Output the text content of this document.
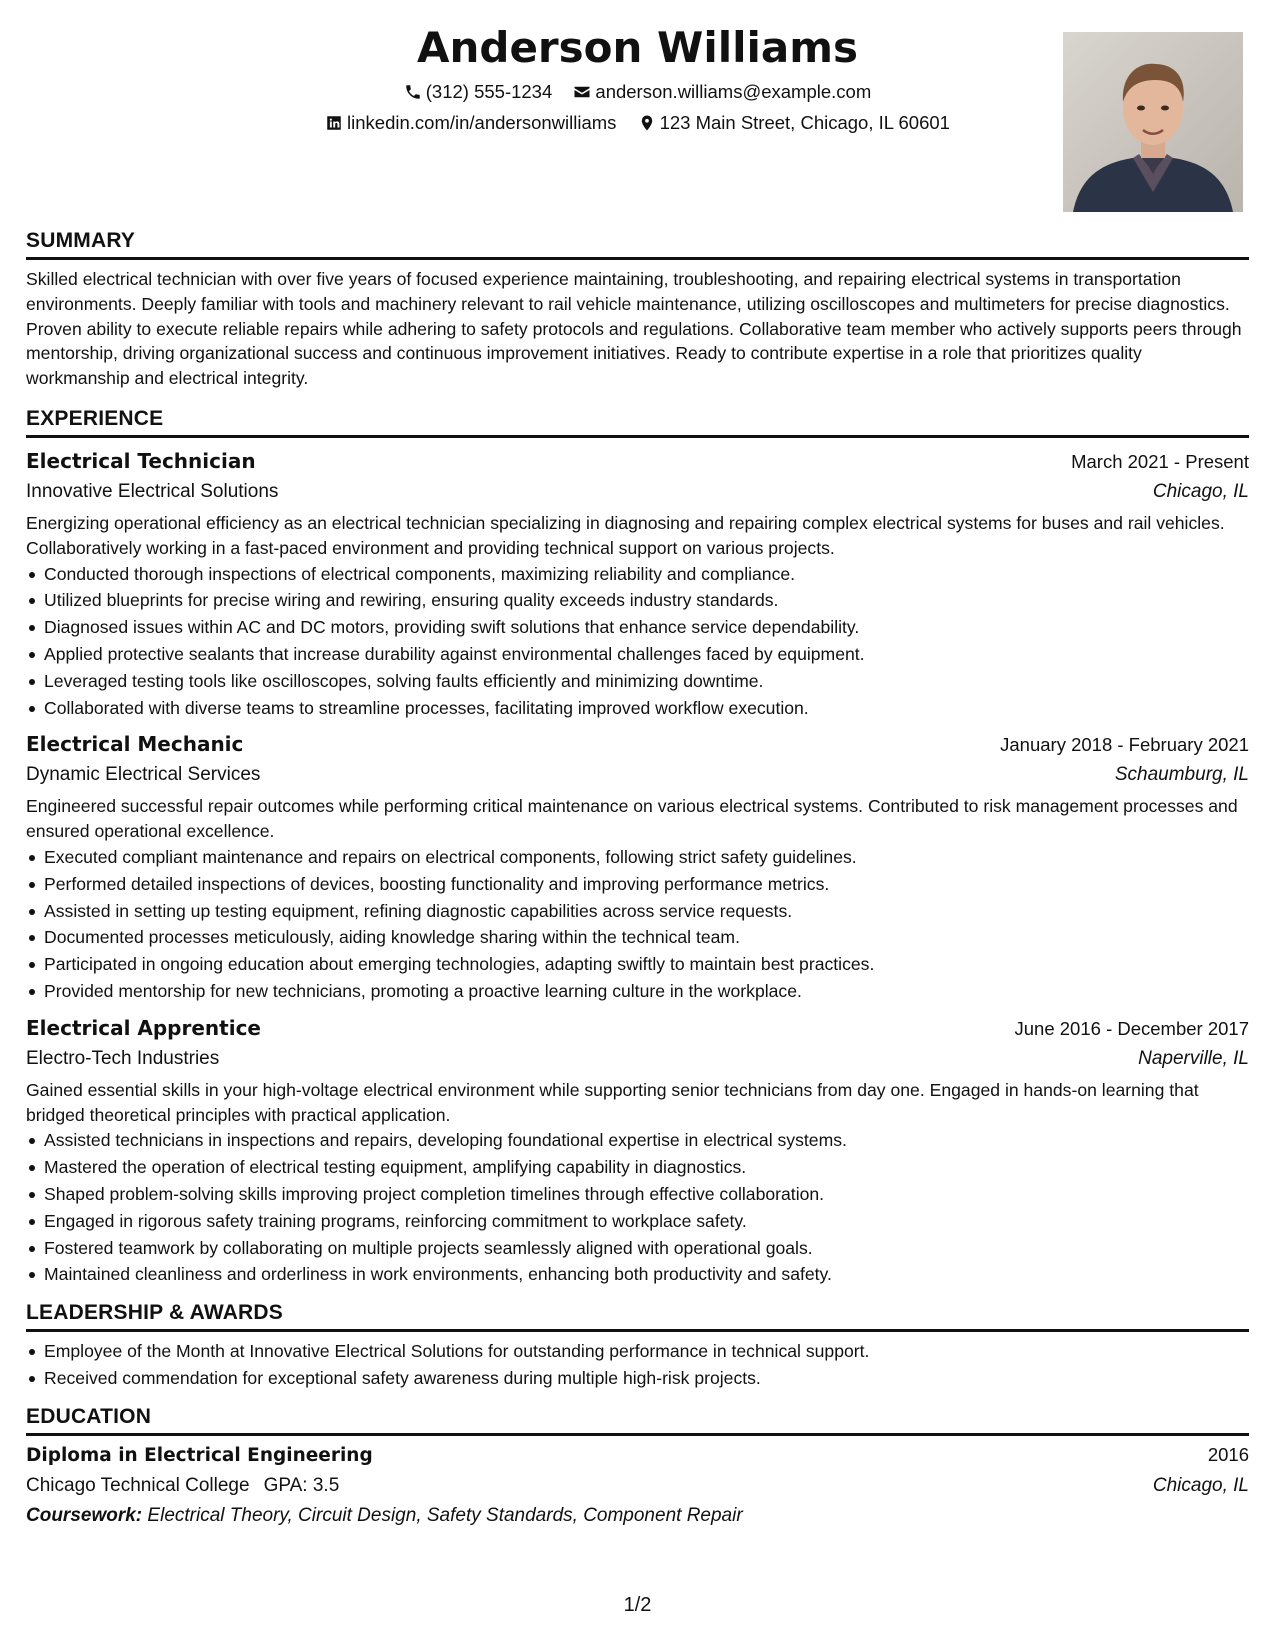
Anderson Williams
(312) 555-1234
anderson.williams@example.com
linkedin.com/in/andersonwilliams
123 Main Street, Chicago, IL 60601
SUMMARY

Skilled electrical technician with over five years of focused experience maintaining, troubleshooting, and repairing electrical systems in transportation environments. Deeply familiar with tools and machinery relevant to rail vehicle maintenance, utilizing oscilloscopes and multimeters for precise diagnostics. Proven ability to execute reliable repairs while adhering to safety protocols and regulations. Collaborative team member who actively supports peers through mentorship, driving organizational success and continuous improvement initiatives. Ready to contribute expertise in a role that prioritizes quality workmanship and electrical integrity.

EXPERIENCE
Electrical Technician	March 2021 - Present
Innovative Electrical Solutions	Chicago, IL

Energizing operational efficiency as an electrical technician specializing in diagnosing and repairing complex electrical systems for buses and rail vehicles. Collaboratively working in a fast-paced environment and providing technical support on various projects.

Conducted thorough inspections of electrical components, maximizing reliability and compliance.
Utilized blueprints for precise wiring and rewiring, ensuring quality exceeds industry standards.
Diagnosed issues within AC and DC motors, providing swift solutions that enhance service dependability.
Applied protective sealants that increase durability against environmental challenges faced by equipment.
Leveraged testing tools like oscilloscopes, solving faults efficiently and minimizing downtime.
Collaborated with diverse teams to streamline processes, facilitating improved workflow execution.
Electrical Mechanic	January 2018 - February 2021
Dynamic Electrical Services	Schaumburg, IL

Engineered successful repair outcomes while performing critical maintenance on various electrical systems. Contributed to risk management processes and ensured operational excellence.

Executed compliant maintenance and repairs on electrical components, following strict safety guidelines.
Performed detailed inspections of devices, boosting functionality and improving performance metrics.
Assisted in setting up testing equipment, refining diagnostic capabilities across service requests.
Documented processes meticulously, aiding knowledge sharing within the technical team.
Participated in ongoing education about emerging technologies, adapting swiftly to maintain best practices.
Provided mentorship for new technicians, promoting a proactive learning culture in the workplace.
Electrical Apprentice	June 2016 - December 2017
Electro-Tech Industries	Naperville, IL

Gained essential skills in your high-voltage electrical environment while supporting senior technicians from day one. Engaged in hands-on learning that bridged theoretical principles with practical application.

Assisted technicians in inspections and repairs, developing foundational expertise in electrical systems.
Mastered the operation of electrical testing equipment, amplifying capability in diagnostics.
Shaped problem-solving skills improving project completion timelines through effective collaboration.
Engaged in rigorous safety training programs, reinforcing commitment to workplace safety.
Fostered teamwork by collaborating on multiple projects seamlessly aligned with operational goals.
Maintained cleanliness and orderliness in work environments, enhancing both productivity and safety.
LEADERSHIP & AWARDS
Employee of the Month at Innovative Electrical Solutions for outstanding performance in technical support.
Received commendation for exceptional safety awareness during multiple high-risk projects.
EDUCATION
Diploma in Electrical Engineering	2016
Chicago Technical College GPA: 3.5	Chicago, IL
Coursework: Electrical Theory, Circuit Design, Safety Standards, Component Repair
1/2
